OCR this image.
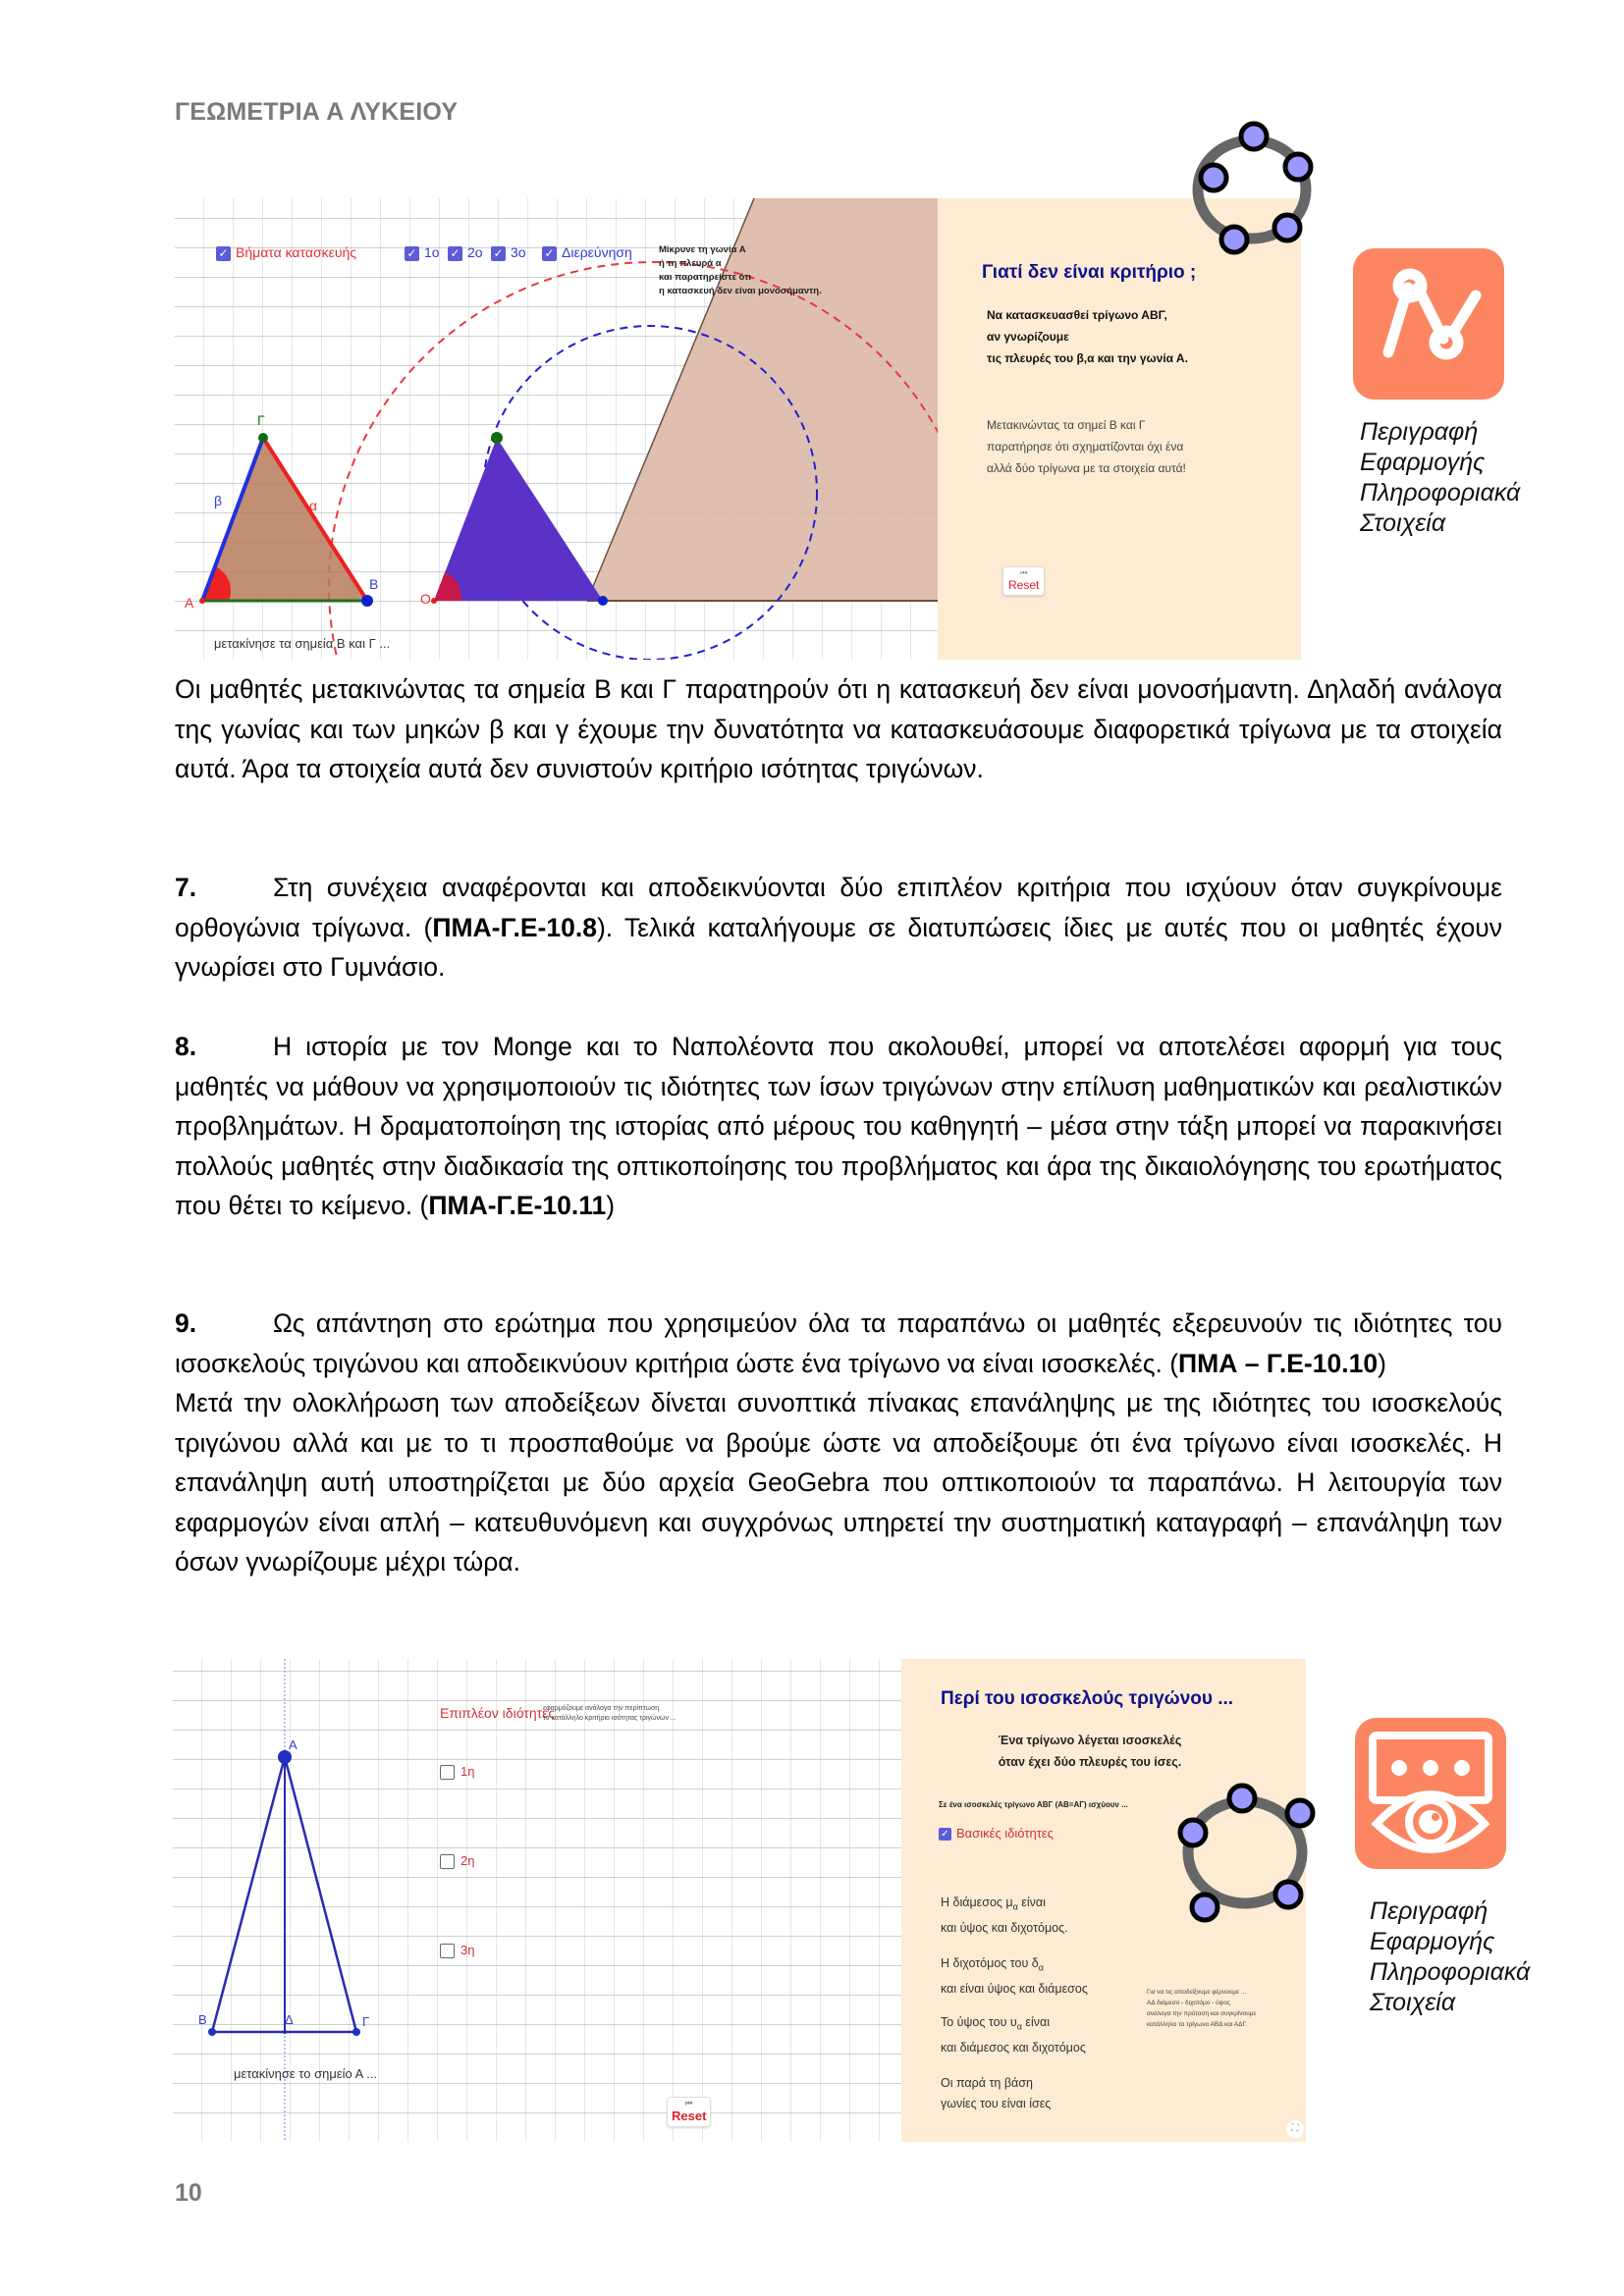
ΓΕΩΜΕΤΡΙΑ Α ΛΥΚΕΙΟΥ
Γ
β	α
Α
Β
Ο
μετακίνησε τα σημεία Β και Γ ...
✓ Βήματα κατασκευής	✓ 1ο ✓ 2ο ✓ 3ο ✓ Διερεύνηση	Μίκρυνε τη γωνία Α
ή τη πλευρά α
και παρατηρείστε ότι
η κατασκευή δεν είναι μονοσήμαντη.
Γιατί δεν είναι κριτήριο ;
Να κατασκευασθεί τρίγωνο ΑΒΓ,
αν γνωρίζουμε
τις πλευρές του β,α και την γωνία Α.
Μετακινώντας τα σημεί Β και Γ
παρατήρησε ότι σχηματίζονται όχι ένα
αλλά δύο τρίγωνα με τα στοιχεία αυτά!
⏮
Reset
Περιγραφή
Εφαρμογής
Πληροφοριακά
Στοιχεία

Οι μαθητές μετακινώντας τα σημεία Β και Γ παρατηρούν ότι η κατασκευή δεν είναι μονοσήμαντη. Δηλαδή ανάλογα της γωνίας και των μηκών β και γ έχουμε την δυνατότητα να κατασκευάσουμε διαφορετικά τρίγωνα με τα στοιχεία αυτά. Άρα τα στοιχεία αυτά δεν συνιστούν κριτήριο ισότητας τριγώνων.

7.	Στη συνέχεια αναφέρονται και αποδεικνύονται δύο επιπλέον κριτήρια που ισχύουν όταν συγκρίνουμε ορθογώνια τρίγωνα. (ΠΜΑ-Γ.Ε-10.8). Τελικά καταλήγουμε σε διατυπώσεις ίδιες με αυτές που οι μαθητές έχουν γνωρίσει στο Γυμνάσιο.

8.	Η ιστορία με τον Monge και το Ναπολέοντα που ακολουθεί, μπορεί να αποτελέσει αφορμή για τους μαθητές να μάθουν να χρησιμοποιούν τις ιδιότητες των ίσων τριγώνων στην επίλυση μαθηματικών και ρεαλιστικών προβλημάτων. Η δραματοποίηση της ιστορίας από μέρους του καθηγητή – μέσα στην τάξη μπορεί να παρακινήσει πολλούς μαθητές στην διαδικασία της οπτικοποίησης του προβλήματος και άρα της δικαιολόγησης του ερωτήματος που θέτει το κείμενο. (ΠΜΑ-Γ.Ε-10.11)

9.	Ως απάντηση στο ερώτημα που χρησιμεύον όλα τα παραπάνω οι μαθητές εξερευνούν τις ιδιότητες του ισοσκελούς τριγώνου και αποδεικνύουν κριτήρια ώστε ένα τρίγωνο να είναι ισοσκελές. (ΠΜΑ – Γ.Ε-10.10)

Μετά την ολοκλήρωση των αποδείξεων δίνεται συνοπτικά πίνακας επανάληψης με της ιδιότητες του ισοσκελούς τριγώνου αλλά και με το τι προσπαθούμε να βρούμε ώστε να αποδείξουμε ότι ένα τρίγωνο είναι ισοσκελές. Η επανάληψη αυτή υποστηρίζεται με δύο αρχεία GeoGebra που οπτικοποιούν τα παραπάνω. Η λειτουργία των εφαρμογών είναι απλή – κατευθυνόμενη και συγχρόνως υπηρετεί την συστηματική καταγραφή – επανάληψη των όσων γνωρίζουμε μέχρι τώρα.

Α
Β	Δ	Γ
μετακίνησε το σημείο Α ...
Επιπλέον ιδιότητες
εφαρμόζουμε ανάλογα την περίπτωση
το κατάλληλο κριτήριο ισότητας τριγώνων ...
1η
2η
3η
⏮
Reset
Περί του ισοσκελούς τριγώνου ...
Ένα τρίγωνο λέγεται ισοσκελές
όταν έχει δύο πλευρές του ίσες.
Σε ένα ισοσκελές τρίγωνο ΑΒΓ (ΑΒ=ΑΓ) ισχύουν ...
✓ Βασικές ιδιότητες
Η διάμεσος $\mu_\alpha$ είναι
και ύψος και διχοτόμος.
Η διχοτόμος του $\delta_\alpha$
και είναι ύψος και διάμεσος
Το ύψος του $\upsilon_\alpha$ είναι
και διάμεσος και διχοτόμος
Οι παρά τη βάση
γωνίες του είναι ίσες
Για να τις αποδείξουμε φέρνουμε ...
ΑΔ διάμεσο - διχοτόμο - ύψος
ανάλογα την πρόταση και συγκρίνουμε
κατάλληλα τα τρίγωνα ΑΒΔ και ΑΔΓ.
⛶
Περιγραφή
Εφαρμογής
Πληροφοριακά
Στοιχεία
10
